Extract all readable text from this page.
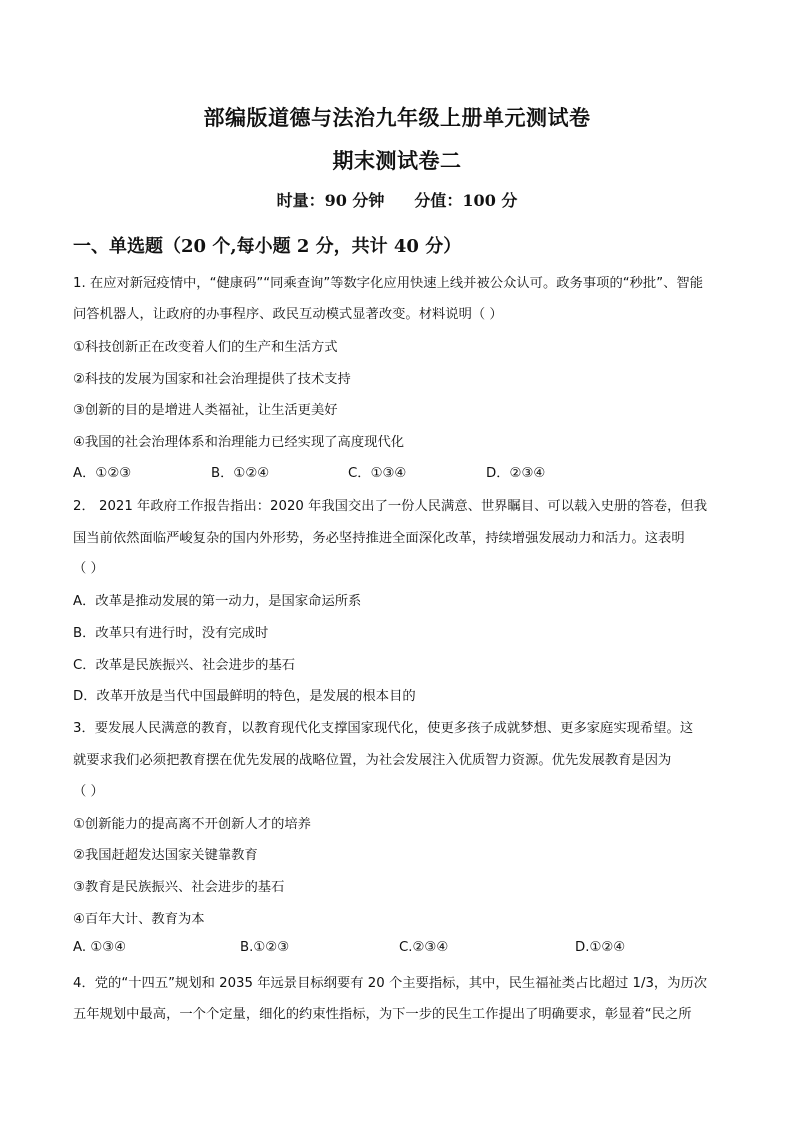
部编版道德与法治九年级上册单元测试卷
期末测试卷二
时量：90 分钟 分值：100 分
一、单选题（20 个,每小题 2 分，共计 40 分）
1. 在应对新冠疫情中，“健康码”“同乘查询”等数字化应用快速上线并被公众认可。政务事项的“秒批”、智能
问答机器人，让政府的办事程序、政民互动模式显著改变。材料说明（ ）
①科技创新正在改变着人们的生产和生活方式
②科技的发展为国家和社会治理提供了技术支持
③创新的目的是增进人类福祉，让生活更美好
④我国的社会治理体系和治理能力已经实现了高度现代化
A．①②③	B．①②④	C．①③④	D．②③④
2． 2021 年政府工作报告指出：2020 年我国交出了一份人民满意、世界瞩目、可以载入史册的答卷，但我
国当前依然面临严峻复杂的国内外形势，务必坚持推进全面深化改革，持续增强发展动力和活力。这表明
（ ）
A．改革是推动发展的第一动力，是国家命运所系
B．改革只有进行时，没有完成时
C．改革是民族振兴、社会进步的基石
D．改革开放是当代中国最鲜明的特色，是发展的根本目的
3．要发展人民满意的教育，以教育现代化支撑国家现代化，使更多孩子成就梦想、更多家庭实现希望。这
就要求我们必须把教育摆在优先发展的战略位置，为社会发展注入优质智力资源。优先发展教育是因为
（ ）
①创新能力的提高离不开创新人才的培养
②我国赶超发达国家关键靠教育
③教育是民族振兴、社会进步的基石
④百年大计、教育为本
A. ①③④	B.①②③	C.②③④	D.①②④
4．党的“十四五”规划和 2035 年远景目标纲要有 20 个主要指标，其中，民生福祉类占比超过 1/3，为历次
五年规划中最高，一个个定量，细化的约束性指标，为下一步的民生工作提出了明确要求，彰显着“民之所
